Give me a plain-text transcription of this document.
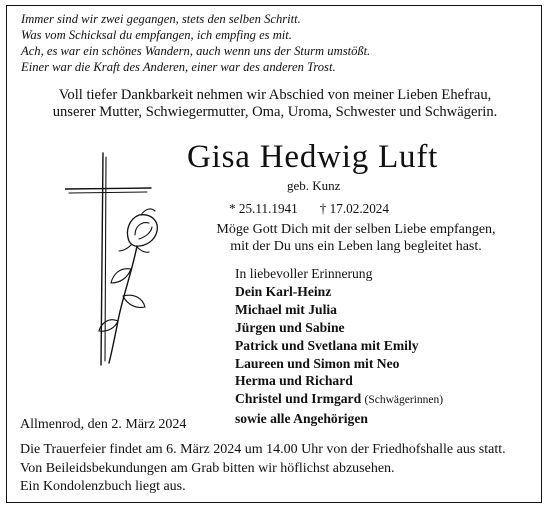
Immer sind wir zwei gegangen, stets den selben Schritt.
Was vom Schicksal du empfangen, ich empfing es mit.
Ach, es war ein schönes Wandern, auch wenn uns der Sturm umstößt.
Einer war die Kraft des Anderen, einer war des anderen Trost.
Voll tiefer Dankbarkeit nehmen wir Abschied von meiner Lieben Ehefrau,
unserer Mutter, Schwiegermutter, Oma, Uroma, Schwester und Schwägerin.
Gisa Hedwig Luft
geb. Kunz
* 25.11.1941 † 17.02.2024
Möge Gott Dich mit der selben Liebe empfangen,
mit der Du uns ein Leben lang begleitet hast.
In liebevoller Erinnerung
Dein Karl-Heinz
Michael mit Julia
Jürgen und Sabine
Patrick und Svetlana mit Emily
Laureen und Simon mit Neo
Herma und Richard
Christel und Irmgard (Schwägerinnen)
sowie alle Angehörigen
Allmenrod, den 2. März 2024
Die Trauerfeier findet am 6. März 2024 um 14.00 Uhr von der Friedhofshalle aus statt.
Von Beileidsbekundungen am Grab bitten wir höflichst abzusehen.
Ein Kondolenzbuch liegt aus.
